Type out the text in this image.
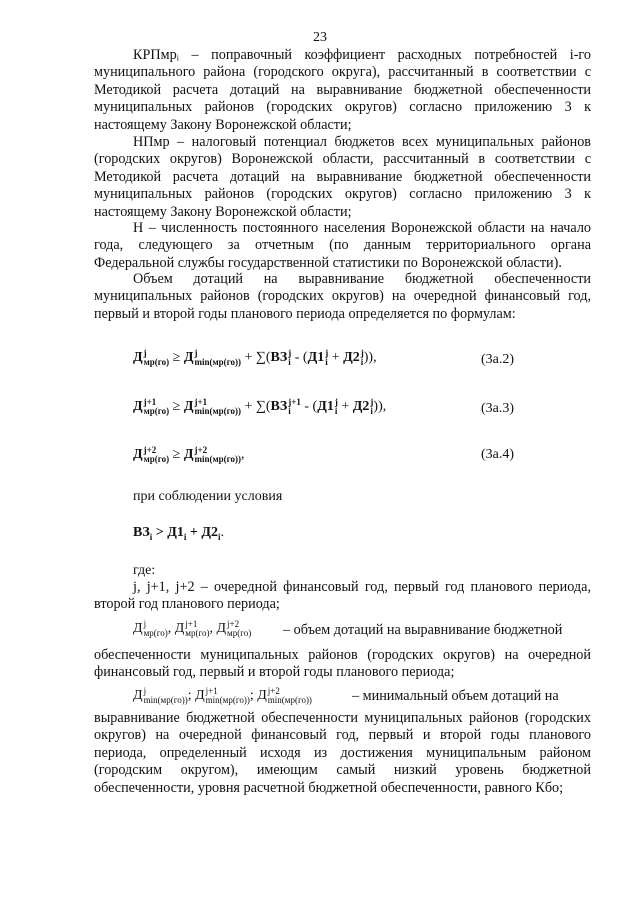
23

КРПмрᵢ – поправочный коэффициент расходных потребностей i-го муниципального района (городского округа), рассчитанный в соответствии с Методикой расчета дотаций на выравнивание бюджетной обеспеченности муниципальных районов (городских округов) согласно приложению 3 к настоящему Закону Воронежской области;

НПмр – налоговый потенциал бюджетов всех муниципальных районов (городских округов) Воронежской области, рассчитанный в соответствии с Методикой расчета дотаций на выравнивание бюджетной обеспеченности муниципальных районов (городских округов) согласно приложению 3 к настоящему Закону Воронежской области;

Н – численность постоянного населения Воронежской области на начало года, следующего за отчетным (по данным территориального органа Федеральной службы государственной статистики по Воронежской области).

Объем дотаций на выравнивание бюджетной обеспеченности муниципальных районов (городских округов) на очередной финансовый год, первый и второй годы планового периода определяется по формулам:

Д j
мр(го) ≥ Д j
min(мр(го)) + ∑(ВЗ j
i - (Д1 j
i + Д2 j
i )),	(3а.2)
Д j+1
мр(го) ≥ Д j+1
min(мр(го)) + ∑(ВЗ j+1
i - (Д1 j
i + Д2 j
i )),	(3а.3)
Д j+2
мр(го) ≥ Д j+2
min(мр(го)) ,	(3а.4)
при соблюдении условия
$ВЗ_i > Д1_i + Д2_i$.
где:

j, j+1, j+2 – очередной финансовый год, первый год планового периода, второй год планового периода;

Д j
мр(го) , Д j+1
мр(го) , Д j+2
мр(го) – объем дотаций на выравнивание бюджетной

обеспеченности муниципальных районов (городских округов) на очередной финансовый год, первый и второй годы планового периода;

Д j
min(мр(го)) ; Д j+1
min(мр(го)) ; Д j+2
min(мр(го))	– минимальный объем дотаций на

выравнивание бюджетной обеспеченности муниципальных районов (городских округов) на очередной финансовый год, первый и второй годы планового периода, определенный исходя из достижения муниципальным районом (городским округом), имеющим самый низкий уровень бюджетной обеспеченности, уровня расчетной бюджетной обеспеченности, равного Кбо;
